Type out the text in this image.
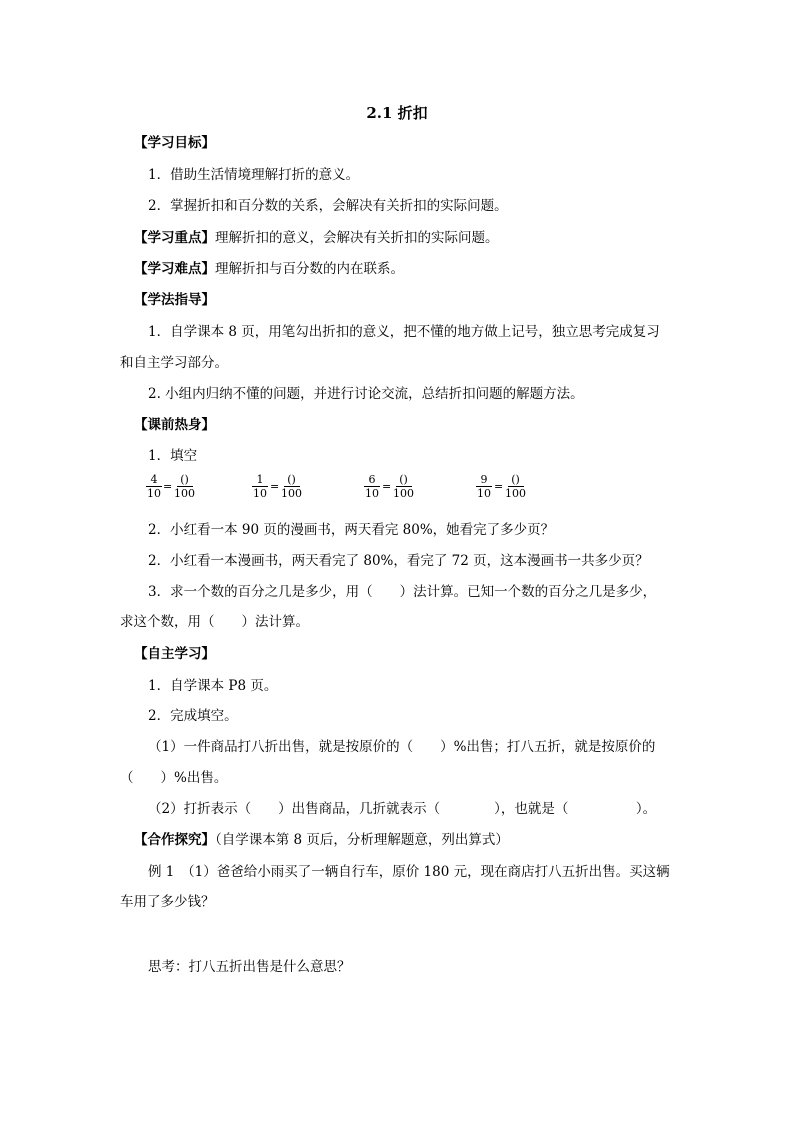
2.1 折扣
【学习目标】
1．借助生活情境理解打折的意义。
2．掌握折扣和百分数的关系，会解决有关折扣的实际问题。
【学习重点】理解折扣的意义，会解决有关折扣的实际问题。
【学习难点】理解折扣与百分数的内在联系。
【学法指导】
1．自学课本 8 页，用笔勾出折扣的意义，把不懂的地方做上记号，独立思考完成复习
和自主学习部分。
2. 小组内归纳不懂的问题，并进行讨论交流，总结折扣问题的解题方法。
【课前热身】
1．填空
$\frac{4}{10}$ =
()
100	$\frac{1}{10}$ =
()
100	$\frac{6}{10}$ =
()
100	$\frac{9}{10}$ =
()
100
2．小红看一本 90 页的漫画书，两天看完 80%，她看完了多少页？
2．小红看一本漫画书，两天看完了 80%，看完了 72 页，这本漫画书一共多少页？
3．求一个数的百分之几是多少，用（　　）法计算。已知一个数的百分之几是多少，
求这个数，用（　　）法计算。
【自主学习】
1．自学课本 P8 页。
2．完成填空。
（1）一件商品打八折出售，就是按原价的（　　）%出售；打八五折，就是按原价的
（　　）%出售。
（2）打折表示（　　）出售商品，几折就表示（　　　　），也就是（　　　　　）。
【合作探究】（自学课本第 8 页后，分析理解题意，列出算式）
例 1　（1）爸爸给小雨买了一辆自行车，原价 180 元，现在商店打八五折出售。买这辆
车用了多少钱？
思考：打八五折出售是什么意思？
